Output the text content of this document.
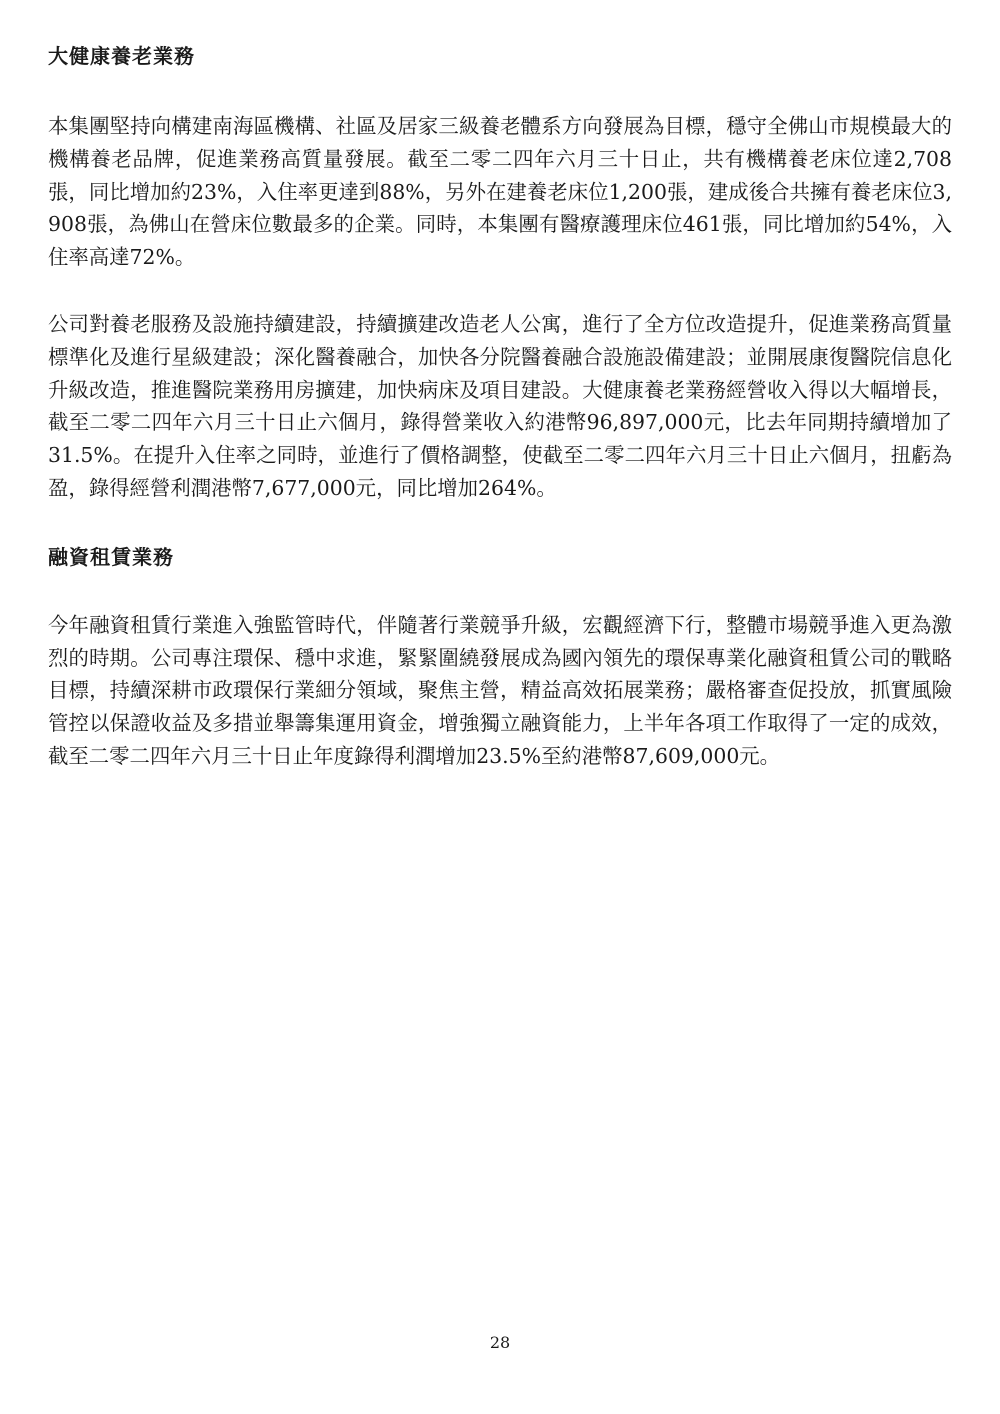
大健康養老業務

本集團堅持向構建南海區機構、社區及居家三級養老體系方向發展為目標，穩守全佛山市規模最大的機構養老品牌，促進業務高質量發展。截至二零二四年六月三十日止，共有機構養老床位達2,708張，同比增加約23%，入住率更達到88%，另外在建養老床位1,200張，建成後合共擁有養老床位3,908張，為佛山在營床位數最多的企業。同時，本集團有醫療護理床位461張，同比增加約54%，入住率高達72%。

公司對養老服務及設施持續建設，持續擴建改造老人公寓，進行了全方位改造提升，促進業務高質量標準化及進行星級建設；深化醫養融合，加快各分院醫養融合設施設備建設；並開展康復醫院信息化升級改造，推進醫院業務用房擴建，加快病床及項目建設。大健康養老業務經營收入得以大幅增長，截至二零二四年六月三十日止六個月，錄得營業收入約港幣96,897,000元，比去年同期持續增加了31.5%。在提升入住率之同時，並進行了價格調整，使截至二零二四年六月三十日止六個月，扭虧為盈，錄得經營利潤港幣7,677,000元，同比增加264%。

融資租賃業務

今年融資租賃行業進入強監管時代，伴隨著行業競爭升級，宏觀經濟下行，整體市場競爭進入更為激烈的時期。公司專注環保、穩中求進，緊緊圍繞發展成為國內領先的環保專業化融資租賃公司的戰略目標，持續深耕市政環保行業細分領域，聚焦主營，精益高效拓展業務；嚴格審查促投放，抓實風險管控以保證收益及多措並舉籌集運用資金，增強獨立融資能力，上半年各項工作取得了一定的成效，截至二零二四年六月三十日止年度錄得利潤增加23.5%至約港幣87,609,000元。

28
